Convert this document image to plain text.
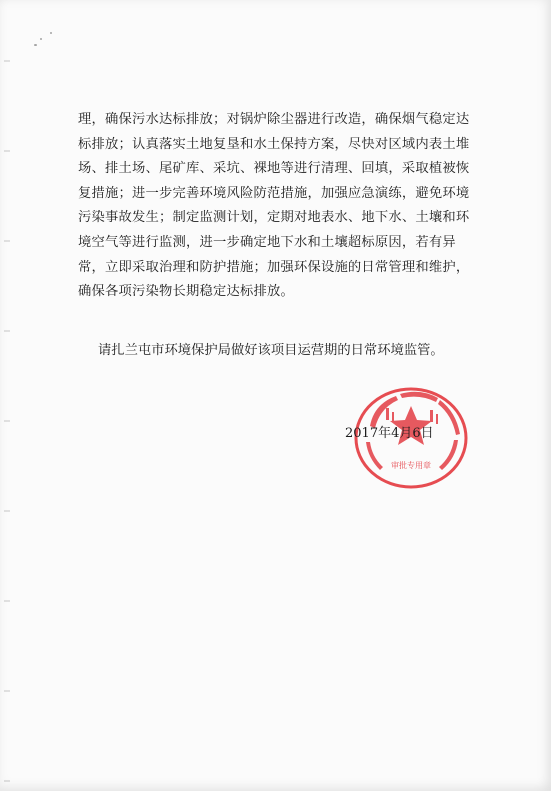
理，确保污水达标排放；对锅炉除尘器进行改造，确保烟气稳定达
标排放；认真落实土地复垦和水土保持方案，尽快对区域内表土堆
场、排土场、尾矿库、采坑、裸地等进行清理、回填，采取植被恢
复措施；进一步完善环境风险防范措施，加强应急演练，避免环境
污染事故发生；制定监测计划，定期对地表水、地下水、土壤和环
境空气等进行监测，进一步确定地下水和土壤超标原因，若有异
常，立即采取治理和防护措施；加强环保设施的日常管理和维护，
确保各项污染物长期稳定达标排放。
请扎兰屯市环境保护局做好该项目运营期的日常环境监管。
审批专用章
2017年4月6日
